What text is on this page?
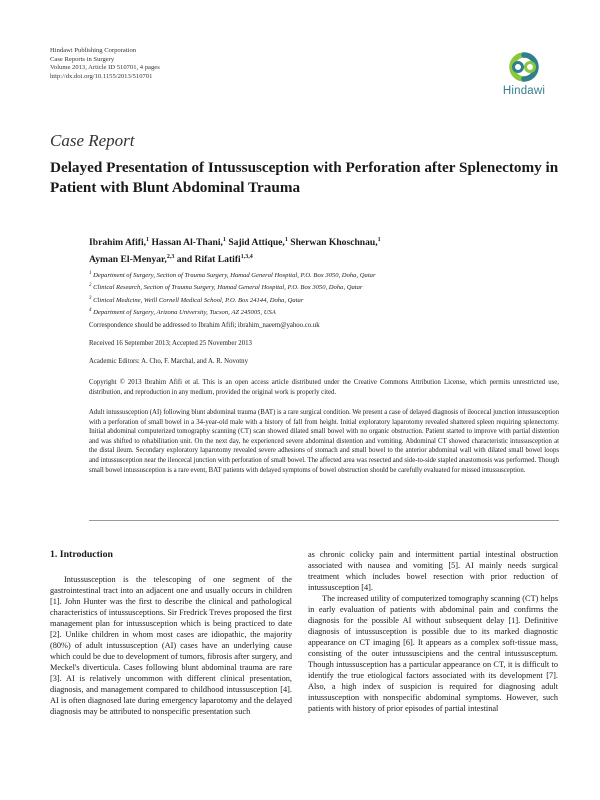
Hindawi Publishing Corporation
Case Reports in Surgery
Volume 2013, Article ID 510701, 4 pages
http://dx.doi.org/10.1155/2013/510701
Hindawi
Case Report
Delayed Presentation of Intussusception with Perforation after Splenectomy in Patient with Blunt Abdominal Trauma
Ibrahim Afifi,$^1$ Hassan Al-Thani,$^1$ Sajid Attique,$^1$ Sherwan Khoschnau,$^1$
Ayman El-Menyar,$^{2,3}$ and Rifat Latifi$^{1,3,4}$
$^1$ Department of Surgery, Section of Trauma Surgery, Hamad General Hospital, P.O. Box 3050, Doha, Qatar
$^2$ Clinical Research, Section of Trauma Surgery, Hamad General Hospital, P.O. Box 3050, Doha, Qatar
$^3$ Clinical Medicine, Weill Cornell Medical School, P.O. Box 24144, Doha, Qatar
$^4$ Department of Surgery, Arizona University, Tucson, AZ 245005, USA
Correspondence should be addressed to Ibrahim Afifi; ibrahim_naeem@yahoo.co.uk
Received 16 September 2013; Accepted 25 November 2013
Academic Editors: A. Cho, F. Marchal, and A. R. Novotny
Copyright © 2013 Ibrahim Afifi et al. This is an open access article distributed under the Creative Commons Attribution License, which permits unrestricted use, distribution, and reproduction in any medium, provided the original work is properly cited.
Adult intussusception (AI) following blunt abdominal trauma (BAT) is a rare surgical condition. We present a case of delayed diagnosis of ileocecal junction intussusception with a perforation of small bowel in a 34-year-old male with a history of fall from height. Initial exploratory laparotomy revealed shattered spleen requiring splenectomy. Initial abdominal computerized tomography scanning (CT) scan showed dilated small bowel with no organic obstruction. Patient started to improve with partial distention and was shifted to rehabilitation unit. On the next day, he experienced severe abdominal distention and vomiting. Abdominal CT showed characteristic intussusception at the distal ileum. Secondary exploratory laparotomy revealed severe adhesions of stomach and small bowel to the anterior abdominal wall with dilated small bowel loops and intussusception near the ileocecal junction with perforation of small bowel. The affected area was resected and side-to-side stapled anastomosis was performed. Though small bowel intussusception is a rare event, BAT patients with delayed symptoms of bowel obstruction should be carefully evaluated for missed intussusception.
1. Introduction

Intussusception is the telescoping of one segment of the gastrointestinal tract into an adjacent one and usually occurs in children [1]. John Hunter was the first to describe the clinical and pathological characteristics of intussusceptions. Sir Fredrick Treves proposed the first management plan for intussusception which is being practiced to date [2]. Unlike children in whom most cases are idiopathic, the majority (80%) of adult intussusception (AI) cases have an underlying cause which could be due to development of tumors, fibrosis after surgery, and Meckel's diverticula. Cases following blunt abdominal trauma are rare [3]. AI is relatively uncommon with different clinical presentation, diagnosis, and management compared to childhood intussusception [4]. AI is often diagnosed late during emergency laparotomy and the delayed diagnosis may be attributed to nonspecific presentation such

as chronic colicky pain and intermittent partial intestinal obstruction associated with nausea and vomiting [5]. AI mainly needs surgical treatment which includes bowel resection with prior reduction of intussusception [4].

The increased utility of computerized tomography scanning (CT) helps in early evaluation of patients with abdominal pain and confirms the diagnosis for the possible AI without subsequent delay [1]. Definitive diagnosis of intussusception is possible due to its marked diagnostic appearance on CT imaging [6]. It appears as a complex soft-tissue mass, consisting of the outer intussuscipiens and the central intussusceptum. Though intussusception has a particular appearance on CT, it is difficult to identify the true etiological factors associated with its development [7]. Also, a high index of suspicion is required for diagnosing adult intussusception with nonspecific abdominal symptoms. However, such patients with history of prior episodes of partial intestinal
